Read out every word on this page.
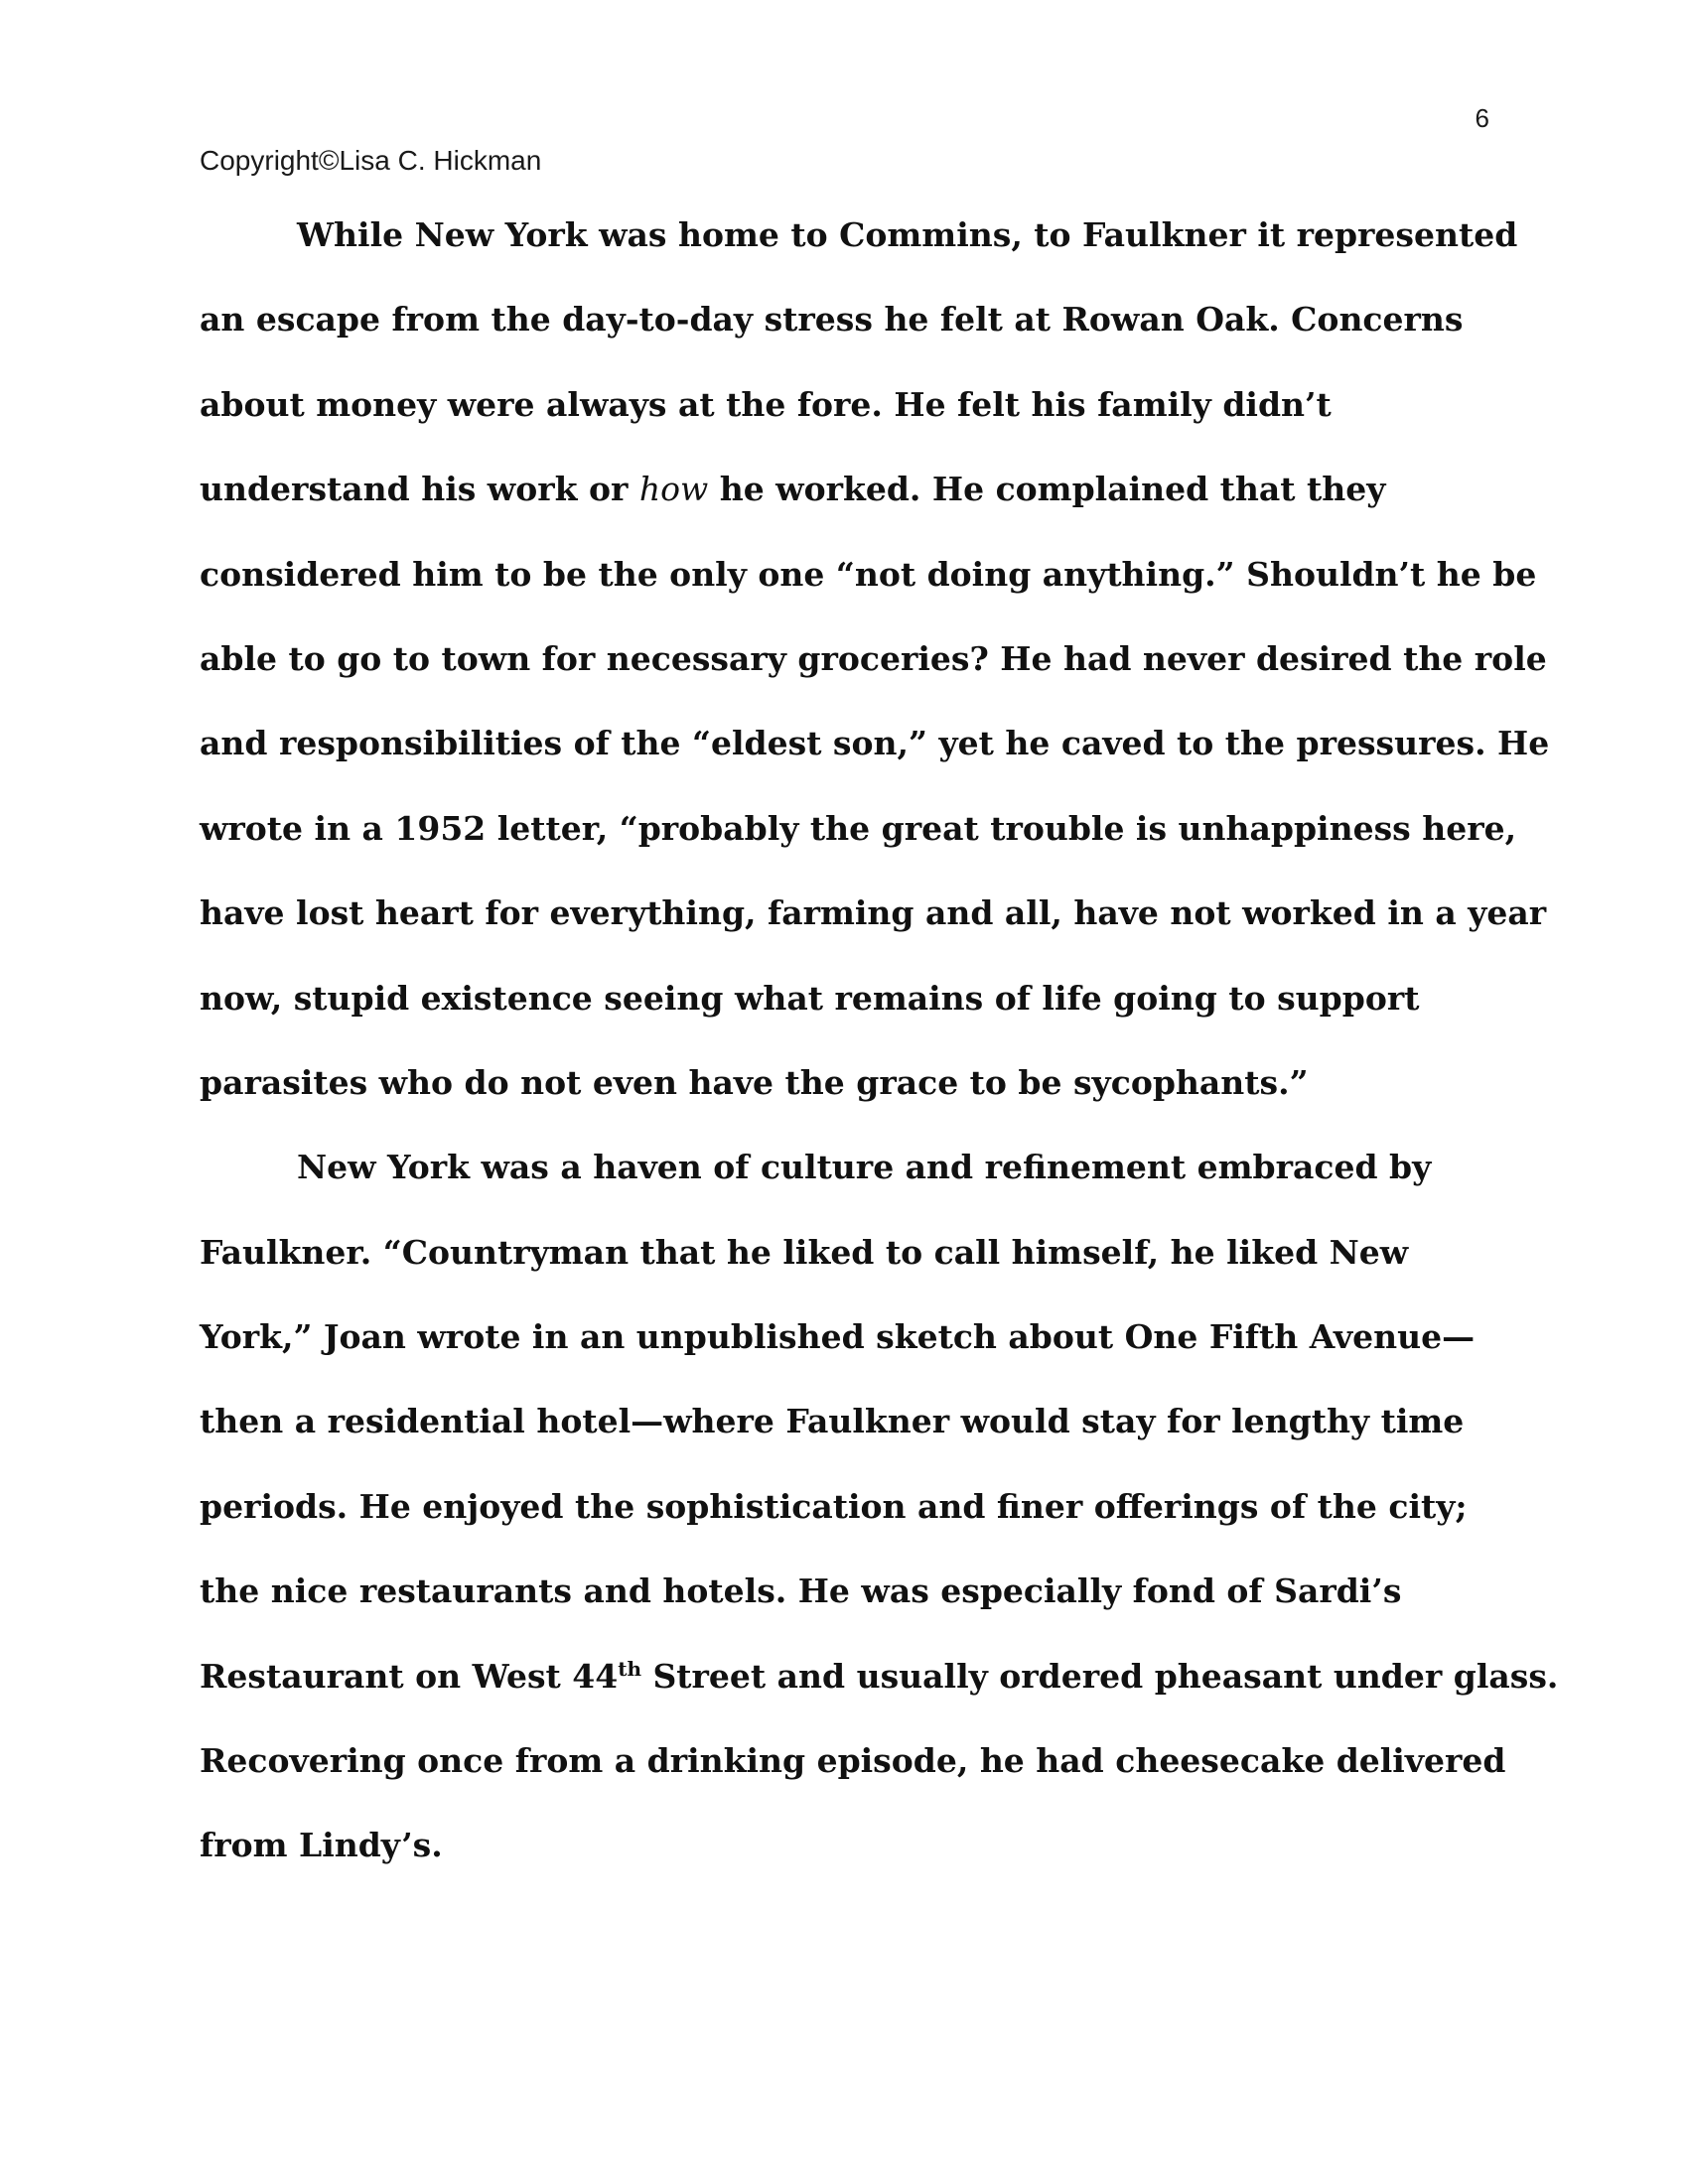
6
Copyright©Lisa C. Hickman
While New York was home to Commins, to Faulkner it represented
an escape from the day-to-day stress he felt at Rowan Oak. Concerns
about money were always at the fore. He felt his family didn’t
understand his work or how he worked. He complained that they
considered him to be the only one “not doing anything.” Shouldn’t he be
able to go to town for necessary groceries? He had never desired the role
and responsibilities of the “eldest son,” yet he caved to the pressures. He
wrote in a 1952 letter, “probably the great trouble is unhappiness here,
have lost heart for everything, farming and all, have not worked in a year
now, stupid existence seeing what remains of life going to support
parasites who do not even have the grace to be sycophants.”
New York was a haven of culture and refinement embraced by
Faulkner. “Countryman that he liked to call himself, he liked New
York,” Joan wrote in an unpublished sketch about One Fifth Avenue—
then a residential hotel—where Faulkner would stay for lengthy time
periods. He enjoyed the sophistication and finer offerings of the city;
the nice restaurants and hotels. He was especially fond of Sardi’s
Restaurant on West 44th Street and usually ordered pheasant under glass.
Recovering once from a drinking episode, he had cheesecake delivered
from Lindy’s.
